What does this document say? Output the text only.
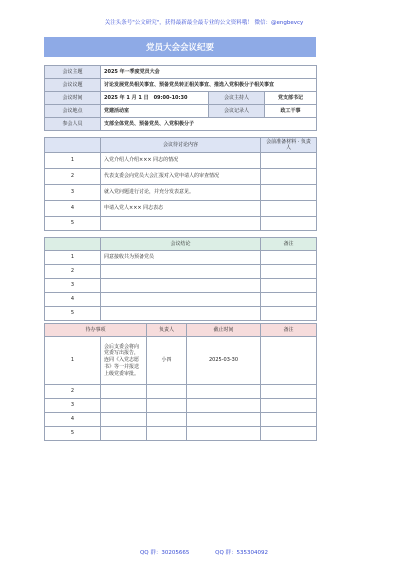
关注头条号"公文研究"，获得最新最全最专业的公文资料哦！ 微信：@engbevcy
党员大会会议纪要
会议主题	2025 年一季度党员大会		
会议议题	讨论发展党员相关事宜、预备党员转正相关事宜、推选入党积极分子相关事宜		
会议时间	2025 年 1 月 1 日　09:00-10:30	会议主持人	党支部书记
会议地点	党建活动室	会议记录人	政工干事
参会人员	支部全体党员、预备党员、入党积极分子		
	会议待讨论内容	会前准备材料 · 负责人
1	入党介绍人介绍××× 同志的情况	
2	代表支委会向党员大会汇报对入党申请人的审查情况	
3	就入党问题进行讨论，并充分发表意见。	
4	申请入党人××× 同志表态	
5		
	会议结论	备注
1	同意接收共为预备党员	
2		
3		
4		
5		
待办事项		负责人	截止时间	备注
1	会后支委会将向党委写出报告，连同《入党志愿书》等一并报送上级党委审批。	小四	2025-03-30	
2				
3				
4				
5				
QQ 群：30205665	QQ 群：535304092
